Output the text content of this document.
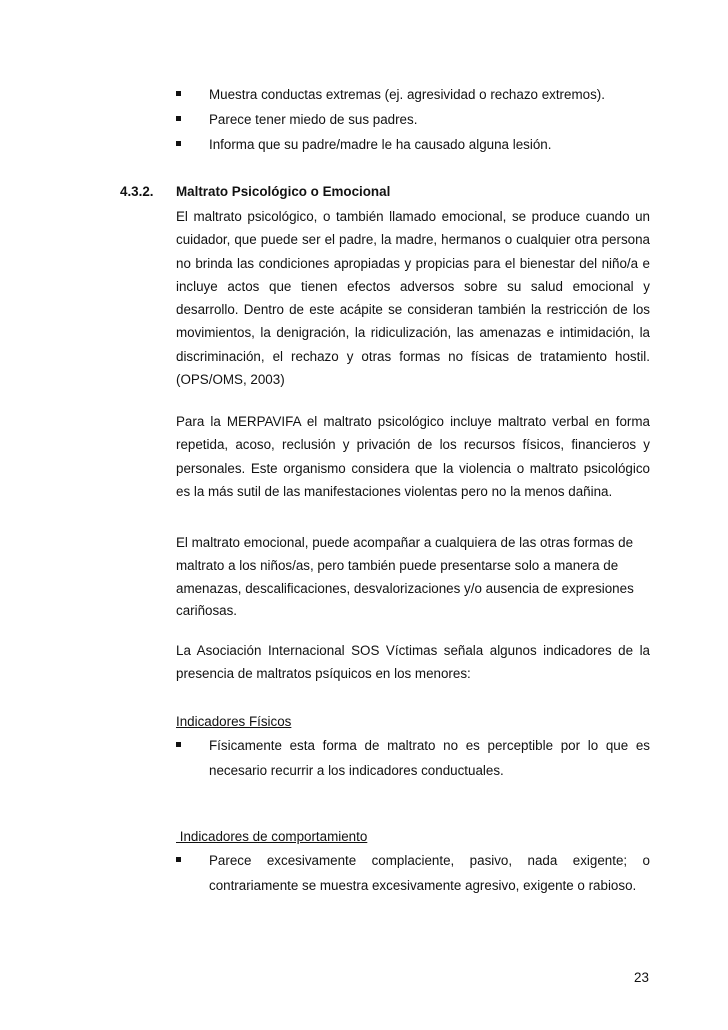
Muestra conductas extremas (ej. agresividad o rechazo extremos).
Parece tener miedo de sus padres.
Informa que su padre/madre le ha causado alguna lesión.
4.3.2. Maltrato Psicológico o Emocional

El maltrato psicológico, o también llamado emocional, se produce cuando un cuidador, que puede ser el padre, la madre, hermanos o cualquier otra persona no brinda las condiciones apropiadas y propicias para el bienestar del niño/a e incluye actos que tienen efectos adversos sobre su salud emocional y desarrollo. Dentro de este acápite se consideran también la restricción de los movimientos, la denigración, la ridiculización, las amenazas e intimidación, la discriminación, el rechazo y otras formas no físicas de tratamiento hostil. (OPS/OMS, 2003)

Para la MERPAVIFA el maltrato psicológico incluye maltrato verbal en forma repetida, acoso, reclusión y privación de los recursos físicos, financieros y personales. Este organismo considera que la violencia o maltrato psicológico es la más sutil de las manifestaciones violentas pero no la menos dañina.

El maltrato emocional, puede acompañar a cualquiera de las otras formas de maltrato a los niños/as, pero también puede presentarse solo a manera de amenazas, descalificaciones, desvalorizaciones y/o ausencia de expresiones cariñosas.

La Asociación Internacional SOS Víctimas señala algunos indicadores de la presencia de maltratos psíquicos en los menores:

Indicadores Físicos
Físicamente esta forma de maltrato no es perceptible por lo que es necesario recurrir a los indicadores conductuales.
Indicadores de comportamiento
Parece excesivamente complaciente, pasivo, nada exigente; o contrariamente se muestra excesivamente agresivo, exigente o rabioso.
23
